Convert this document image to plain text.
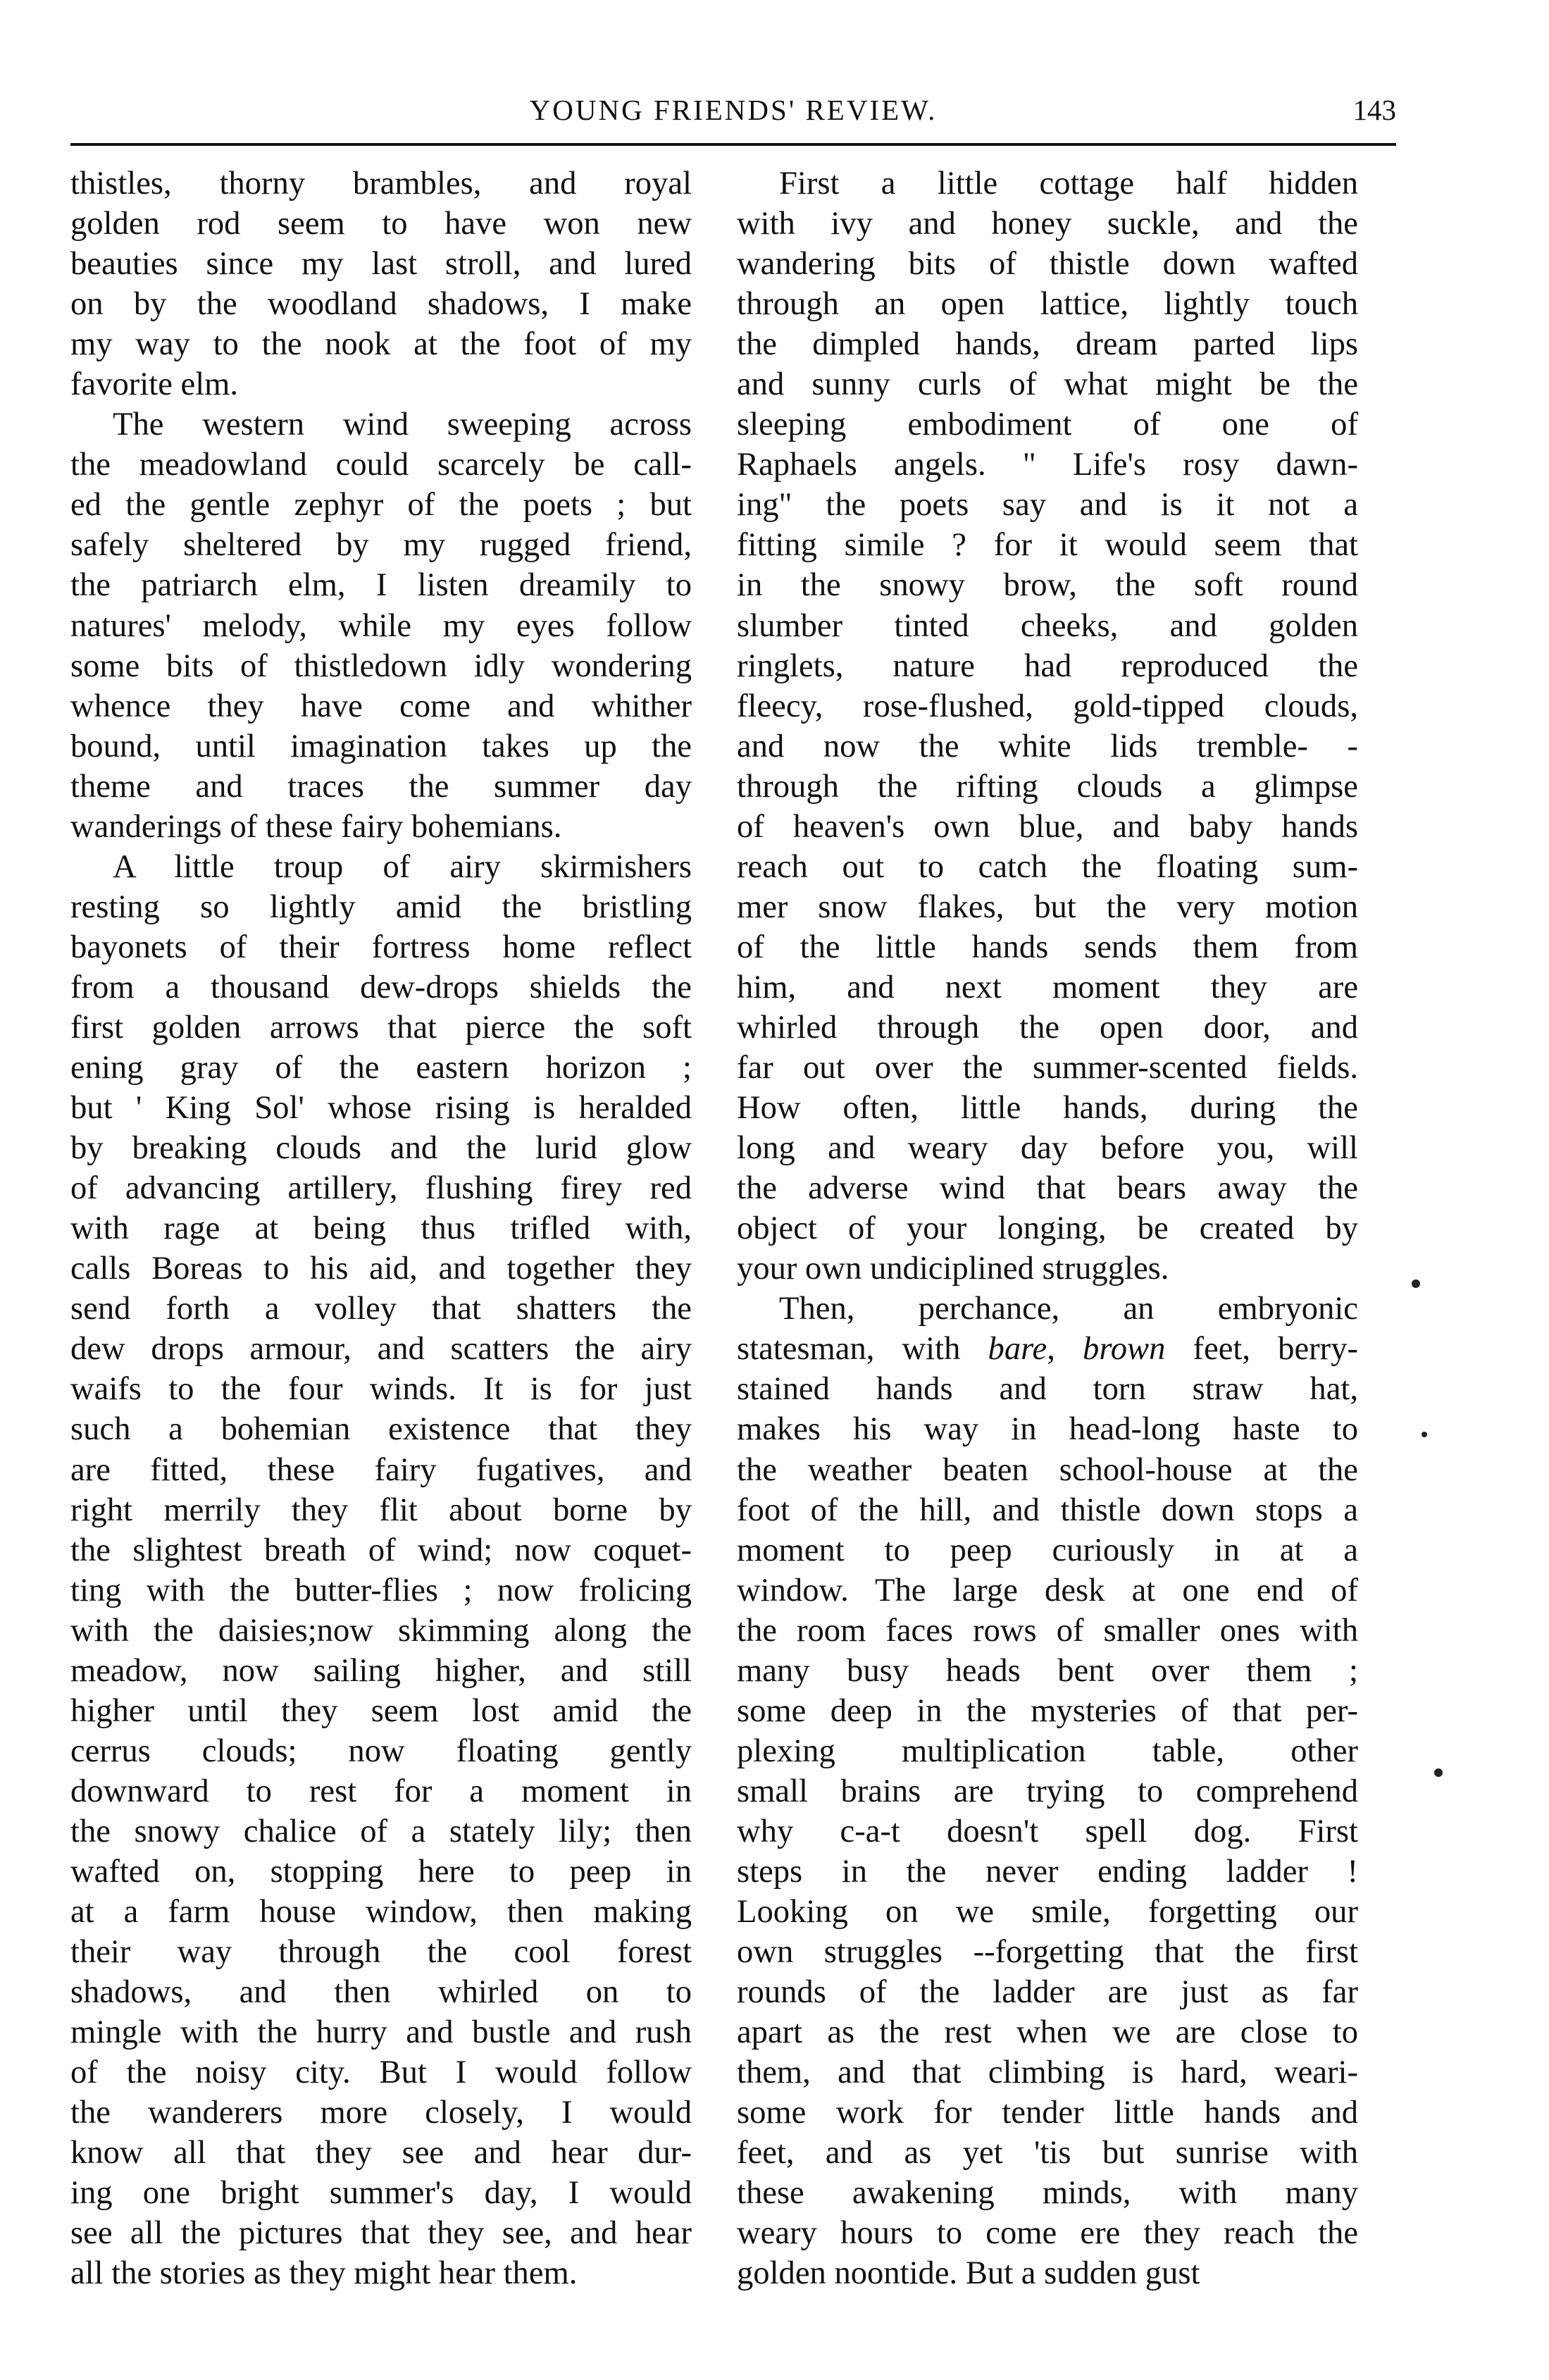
YOUNG FRIENDS' REVIEW.	143
thistles, thorny brambles, and royal
golden rod seem to have won new
beauties since my last stroll, and lured
on by the woodland shadows, I make
my way to the nook at the foot of my
favorite elm.
The western wind sweeping across
the meadowland could scarcely be call-
ed the gentle zephyr of the poets ; but
safely sheltered by my rugged friend,
the patriarch elm, I listen dreamily to
natures' melody, while my eyes follow
some bits of thistledown idly wondering
whence they have come and whither
bound, until imagination takes up the
theme and traces the summer day
wanderings of these fairy bohemians.
A little troup of airy skirmishers
resting so lightly amid the bristling
bayonets of their fortress home reflect
from a thousand dew-drops shields the
first golden arrows that pierce the soft
ening gray of the eastern horizon ;
but ' King Sol' whose rising is heralded
by breaking clouds and the lurid glow
of advancing artillery, flushing firey red
with rage at being thus trifled with,
calls Boreas to his aid, and together they
send forth a volley that shatters the
dew drops armour, and scatters the airy
waifs to the four winds. It is for just
such a bohemian existence that they
are fitted, these fairy fugatives, and
right merrily they flit about borne by
the slightest breath of wind; now coquet-
ting with the butter-flies ; now frolicing
with the daisies;now skimming along the
meadow, now sailing higher, and still
higher until they seem lost amid the
cerrus clouds; now floating gently
downward to rest for a moment in
the snowy chalice of a stately lily; then
wafted on, stopping here to peep in
at a farm house window, then making
their way through the cool forest
shadows, and then whirled on to
mingle with the hurry and bustle and rush
of the noisy city. But I would follow
the wanderers more closely, I would
know all that they see and hear dur-
ing one bright summer's day, I would
see all the pictures that they see, and hear
all the stories as they might hear them.
First a little cottage half hidden
with ivy and honey suckle, and the
wandering bits of thistle down wafted
through an open lattice, lightly touch
the dimpled hands, dream parted lips
and sunny curls of what might be the
sleeping embodiment of one of
Raphaels angels. " Life's rosy dawn-
ing" the poets say and is it not a
fitting simile ? for it would seem that
in the snowy brow, the soft round
slumber tinted cheeks, and golden
ringlets, nature had reproduced the
fleecy, rose-flushed, gold-tipped clouds,
and now the white lids tremble- -
through the rifting clouds a glimpse
of heaven's own blue, and baby hands
reach out to catch the floating sum-
mer snow flakes, but the very motion
of the little hands sends them from
him, and next moment they are
whirled through the open door, and
far out over the summer-scented fields.
How often, little hands, during the
long and weary day before you, will
the adverse wind that bears away the
object of your longing, be created by
your own undiciplined struggles.
Then, perchance, an embryonic
statesman, with bare, brown feet, berry-
stained hands and torn straw hat,
makes his way in head-long haste to
the weather beaten school-house at the
foot of the hill, and thistle down stops a
moment to peep curiously in at a
window. The large desk at one end of
the room faces rows of smaller ones with
many busy heads bent over them ;
some deep in the mysteries of that per-
plexing multiplication table, other
small brains are trying to comprehend
why c-a-t doesn't spell dog. First
steps in the never ending ladder !
Looking on we smile, forgetting our
own struggles --forgetting that the first
rounds of the ladder are just as far
apart as the rest when we are close to
them, and that climbing is hard, weari-
some work for tender little hands and
feet, and as yet 'tis but sunrise with
these awakening minds, with many
weary hours to come ere they reach the
golden noontide. But a sudden gust
